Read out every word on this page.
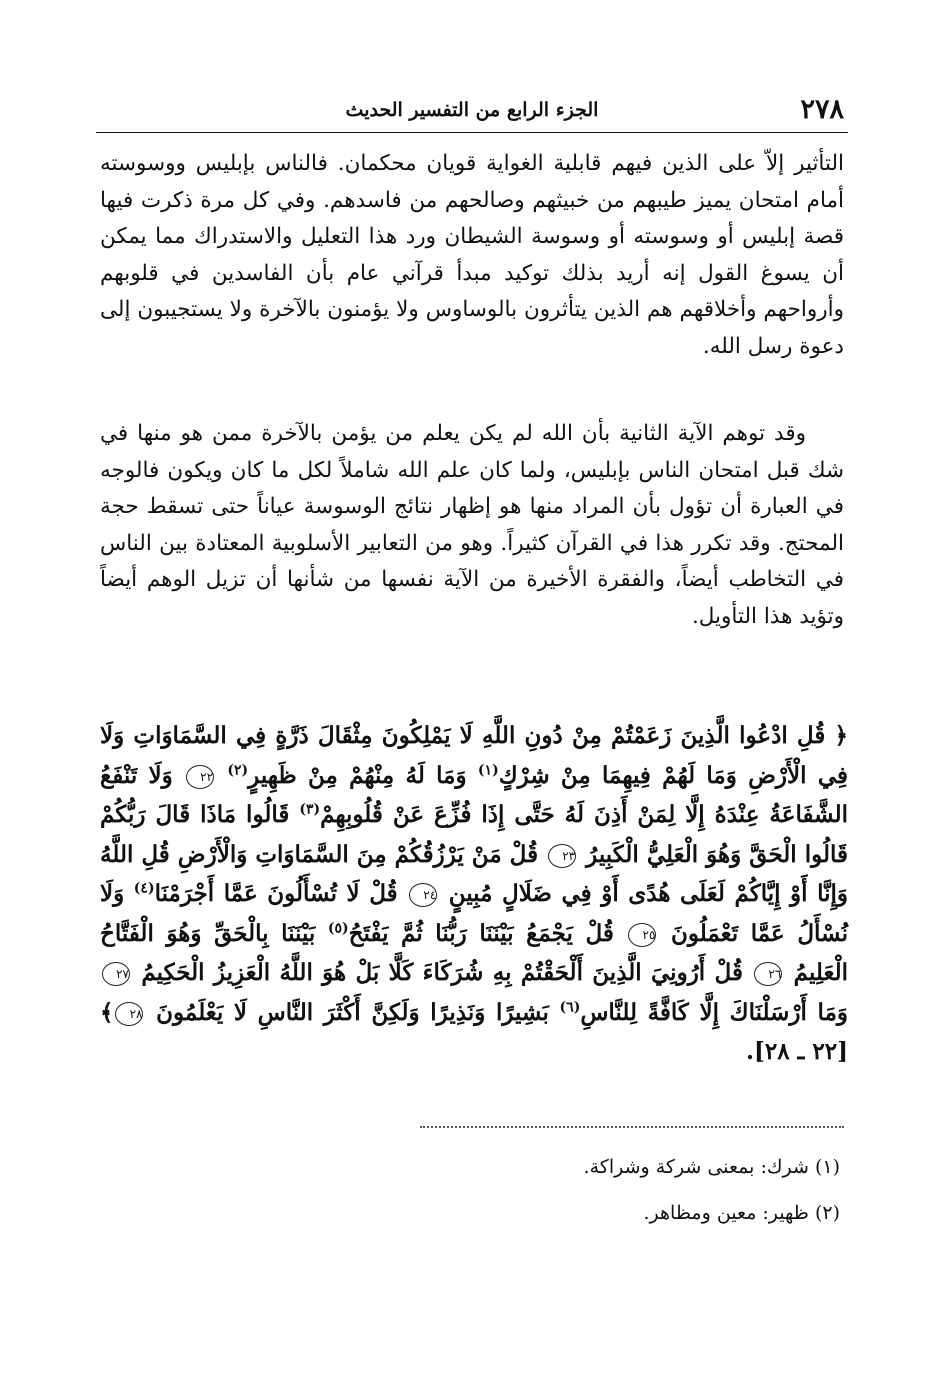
٢٧٨
الجزء الرابع من التفسير الحديث

التأثير إلاّ على الذين فيهم قابلية الغواية قويان محكمان. فالناس بإبليس ووسوسته أمام امتحان يميز طيبهم من خبيثهم وصالحهم من فاسدهم. وفي كل مرة ذكرت فيها قصة إبليس أو وسوسته أو وسوسة الشيطان ورد هذا التعليل والاستدراك مما يمكن أن يسوغ القول إنه أريد بذلك توكيد مبدأ قرآني عام بأن الفاسدين في قلوبهم وأرواحهم وأخلاقهم هم الذين يتأثرون بالوساوس ولا يؤمنون بالآخرة ولا يستجيبون إلى دعوة رسل الله.

وقد توهم الآية الثانية بأن الله لم يكن يعلم من يؤمن بالآخرة ممن هو منها في شك قبل امتحان الناس بإبليس، ولما كان علم الله شاملاً لكل ما كان ويكون فالوجه في العبارة أن تؤول بأن المراد منها هو إظهار نتائج الوسوسة عياناً حتى تسقط حجة المحتج. وقد تكرر هذا في القرآن كثيراً. وهو من التعابير الأسلوبية المعتادة بين الناس في التخاطب أيضاً، والفقرة الأخيرة من الآية نفسها من شأنها أن تزيل الوهم أيضاً وتؤيد هذا التأويل.

﴿ قُلِ ادْعُوا الَّذِينَ زَعَمْتُمْ مِنْ دُونِ اللَّهِ لَا يَمْلِكُونَ مِثْقَالَ ذَرَّةٍ فِي السَّمَاوَاتِ وَلَا فِي الْأَرْضِ وَمَا لَهُمْ فِيهِمَا مِنْ شِرْكٍ$^{(١)}$ وَمَا لَهُ مِنْهُمْ مِنْ ظَهِيرٍ$^{(٢)}$ ٢٢ وَلَا تَنْفَعُ الشَّفَاعَةُ عِنْدَهُ إِلَّا لِمَنْ أَذِنَ لَهُ حَتَّى إِذَا فُزِّعَ عَنْ قُلُوبِهِمْ$^{(٣)}$ قَالُوا مَاذَا قَالَ رَبُّكُمْ قَالُوا الْحَقَّ وَهُوَ الْعَلِيُّ الْكَبِيرُ ٢٣ قُلْ مَنْ يَرْزُقُكُمْ مِنَ السَّمَاوَاتِ وَالْأَرْضِ قُلِ اللَّهُ وَإِنَّا أَوْ إِيَّاكُمْ لَعَلَى هُدًى أَوْ فِي ضَلَالٍ مُبِينٍ ٢٤ قُلْ لَا تُسْأَلُونَ عَمَّا أَجْرَمْنَا$^{(٤)}$ وَلَا نُسْأَلُ عَمَّا تَعْمَلُونَ ٢٥ قُلْ يَجْمَعُ بَيْنَنَا رَبُّنَا ثُمَّ يَفْتَحُ$^{(٥)}$ بَيْنَنَا بِالْحَقِّ وَهُوَ الْفَتَّاحُ الْعَلِيمُ ٢٦ قُلْ أَرُونِيَ الَّذِينَ أَلْحَقْتُمْ بِهِ شُرَكَاءَ كَلَّا بَلْ هُوَ اللَّهُ الْعَزِيزُ الْحَكِيمُ ٢٧ وَمَا أَرْسَلْنَاكَ إِلَّا كَافَّةً لِلنَّاسِ$^{(٦)}$ بَشِيرًا وَنَذِيرًا وَلَكِنَّ أَكْثَرَ النَّاسِ لَا يَعْلَمُونَ ٢٨﴾ [٢٢ ـ ٢٨].

(١) شرك: بمعنى شركة وشراكة.

(٢) ظهير: معين ومظاهر.
